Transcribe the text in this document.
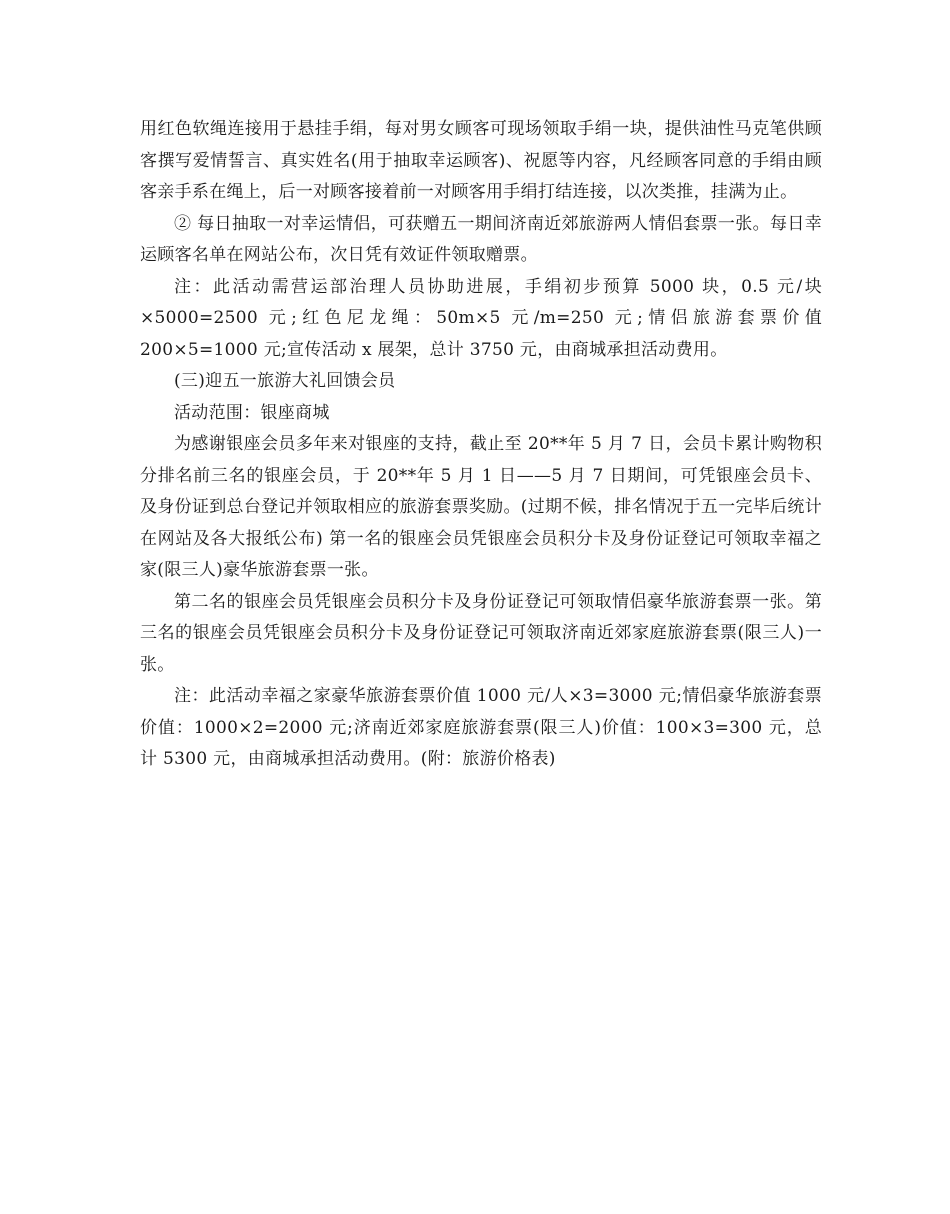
用红色软绳连接用于悬挂手绢，每对男女顾客可现场领取手绢一块，提供油性马克笔供顾客撰写爱情誓言、真实姓名(用于抽取幸运顾客)、祝愿等内容，凡经顾客同意的手绢由顾客亲手系在绳上，后一对顾客接着前一对顾客用手绢打结连接，以次类推，挂满为止。

② 每日抽取一对幸运情侣，可获赠五一期间济南近郊旅游两人情侣套票一张。每日幸运顾客名单在网站公布，次日凭有效证件领取赠票。

注：此活动需营运部治理人员协助进展，手绢初步预算 5000 块，0.5 元/块×5000=2500 元;红色尼龙绳：50m×5 元/m=250 元;情侣旅游套票价值 200×5=1000 元;宣传活动 x 展架，总计 3750 元，由商城承担活动费用。

(三)迎五一旅游大礼回馈会员

活动范围：银座商城

为感谢银座会员多年来对银座的支持，截止至 20**年 5 月 7 日，会员卡累计购物积分排名前三名的银座会员，于 20**年 5 月 1 日——5 月 7 日期间，可凭银座会员卡、及身份证到总台登记并领取相应的旅游套票奖励。(过期不候，排名情况于五一完毕后统计在网站及各大报纸公布) 第一名的银座会员凭银座会员积分卡及身份证登记可领取幸福之家(限三人)豪华旅游套票一张。

第二名的银座会员凭银座会员积分卡及身份证登记可领取情侣豪华旅游套票一张。第三名的银座会员凭银座会员积分卡及身份证登记可领取济南近郊家庭旅游套票(限三人)一张。

注：此活动幸福之家豪华旅游套票价值 1000 元/人×3=3000 元;情侣豪华旅游套票价值：1000×2=2000 元;济南近郊家庭旅游套票(限三人)价值：100×3=300 元，总计 5300 元，由商城承担活动费用。(附：旅游价格表)
